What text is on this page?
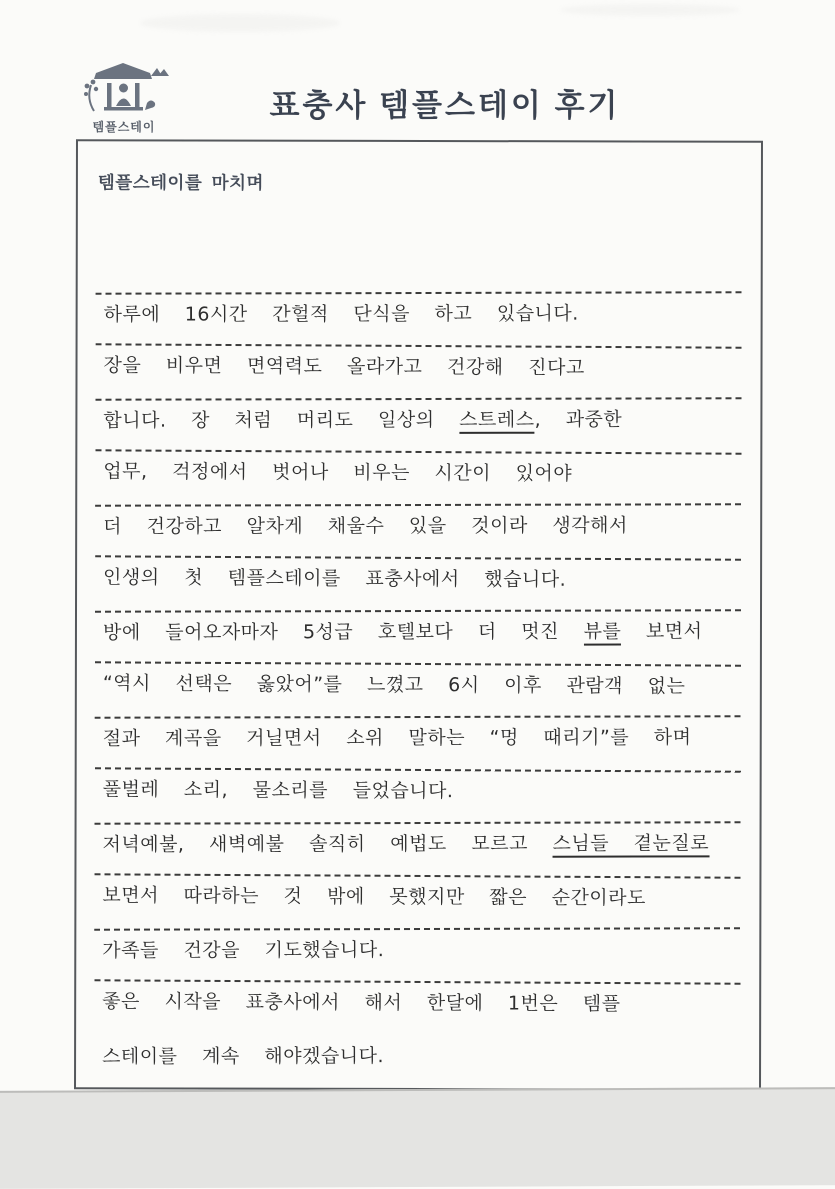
템플스테이
표충사 템플스테이 후기
템플스테이를 마치며
하루에 16시간 간헐적 단식을 하고 있습니다.
장을 비우면 면역력도 올라가고 건강해 진다고
합니다. 장 처럼 머리도 일상의 스트레스, 과중한
업무, 걱정에서 벗어나 비우는 시간이 있어야
더 건강하고 알차게 채울수 있을 것이라 생각해서
인생의 첫 템플스테이를 표충사에서 했습니다.
방에 들어오자마자 5성급 호텔보다 더 멋진 뷰를 보면서
“역시 선택은 옳았어”를 느꼈고 6시 이후 관람객 없는
절과 계곡을 거닐면서 소위 말하는 “멍 때리기”를 하며
풀벌레 소리, 물소리를 들었습니다.
저녁예불, 새벽예불 솔직히 예법도 모르고 스님들 곁눈질로
보면서 따라하는 것 밖에 못했지만 짧은 순간이라도
가족들 건강을 기도했습니다.
좋은 시작을 표충사에서 해서 한달에 1번은 템플
스테이를 계속 해야겠습니다.
